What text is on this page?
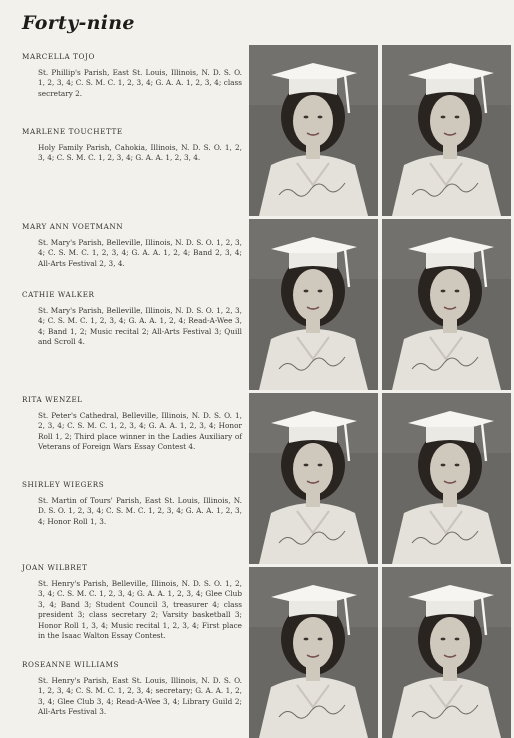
Forty-nine
MARCELLA TOJO
St. Phillip's Parish, East St. Louis, Illinois, N. D. S. O. 1, 2, 3, 4; C. S. M. C. 1, 2, 3, 4; G. A. A. 1, 2, 3, 4; class secretary 2.
MARLENE TOUCHETTE
Holy Family Parish, Cahokia, Illinois, N. D. S. O. 1, 2, 3, 4; C. S. M. C. 1, 2, 3, 4; G. A. A. 1, 2, 3, 4.
MARY ANN VOETMANN
St. Mary's Parish, Belleville, Illinois, N. D. S. O. 1, 2, 3, 4; C. S. M. C. 1, 2, 3, 4; G. A. A. 1, 2, 4; Band 2, 3, 4; All-Arts Festival 2, 3, 4.
CATHIE WALKER
St. Mary's Parish, Belleville, Illinois, N. D. S. O. 1, 2, 3, 4; C. S. M. C. 1, 2, 3, 4; G. A. A. 1, 2, 4; Read-A-Wee 3, 4; Band 1, 2; Music recital 2; All-Arts Festival 3; Quill and Scroll 4.
RITA WENZEL
St. Peter's Cathedral, Belleville, Illinois, N. D. S. O. 1, 2, 3, 4; C. S. M. C. 1, 2, 3, 4; G. A. A. 1, 2, 3, 4; Honor Roll 1, 2; Third place winner in the Ladies Auxiliary of Veterans of Foreign Wars Essay Contest 4.
SHIRLEY WIEGERS
St. Martin of Tours' Parish, East St. Louis, Illinois, N. D. S. O. 1, 2, 3, 4; C. S. M. C. 1, 2, 3, 4; G. A. A. 1, 2, 3, 4; Honor Roll 1, 3.
JOAN WILBRET
St. Henry's Parish, Belleville, Illinois, N. D. S. O. 1, 2, 3, 4; C. S. M. C. 1, 2, 3, 4; G. A. A. 1, 2, 3, 4; Glee Club 3, 4; Band 3; Student Council 3, treasurer 4; class president 3; class secretary 2; Varsity basketball 3; Honor Roll 1, 3, 4; Music recital 1, 2, 3, 4; First place in the Isaac Walton Essay Contest.
ROSEANNE WILLIAMS
St. Henry's Parish, East St. Louis, Illinois, N. D. S. O. 1, 2, 3, 4; C. S. M. C. 1, 2, 3, 4; secretary; G. A. A. 1, 2, 3, 4; Glee Club 3, 4; Read-A-Wee 3, 4; Library Guild 2; All-Arts Festival 3.
